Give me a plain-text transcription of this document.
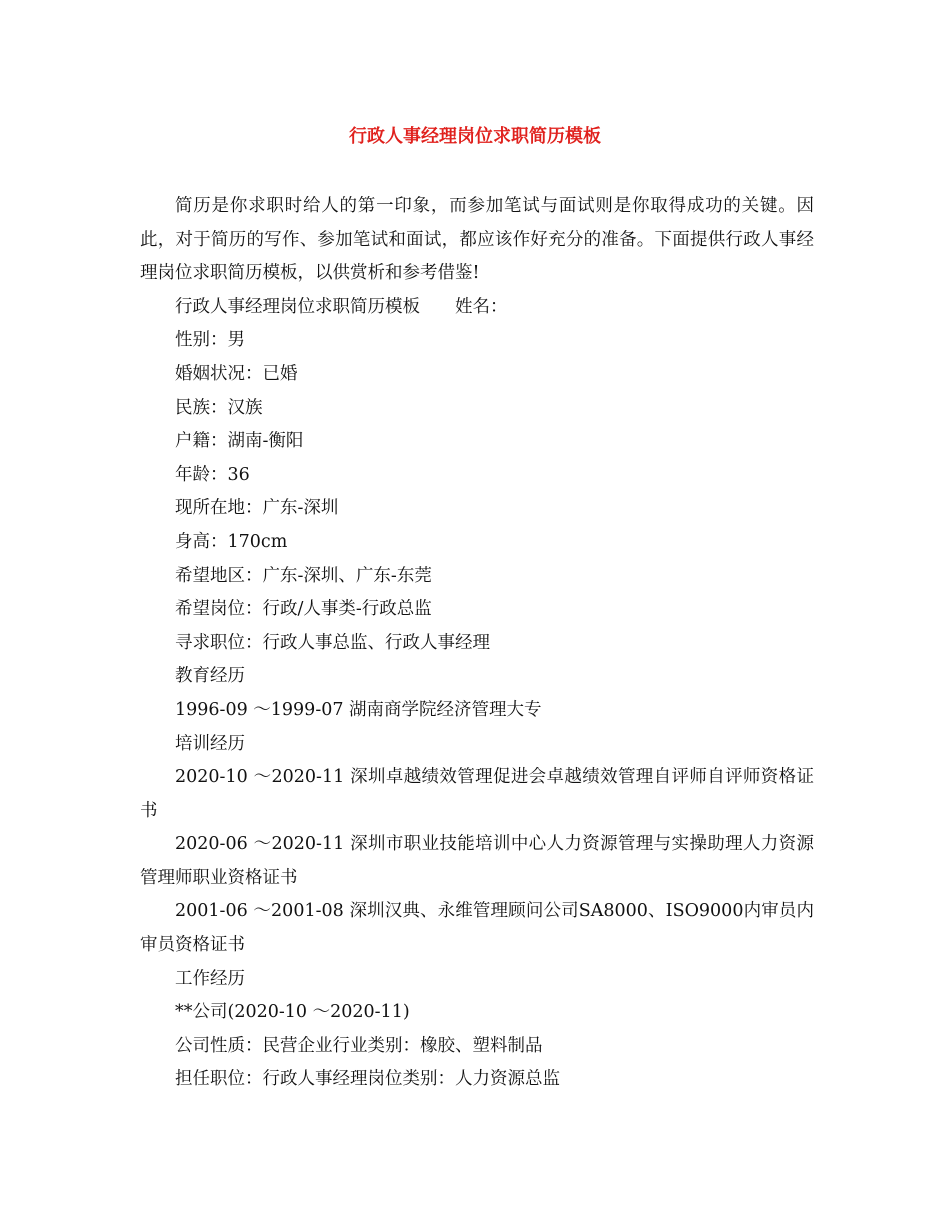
行政人事经理岗位求职简历模板

简历是你求职时给人的第一印象，而参加笔试与面试则是你取得成功的关键。因此，对于简历的写作、参加笔试和面试，都应该作好充分的准备。下面提供行政人事经理岗位求职简历模板，以供赏析和参考借鉴!

行政人事经理岗位求职简历模板　　姓名：

性别：男

婚姻状况：已婚

民族：汉族

户籍：湖南-衡阳

年龄：36

现所在地：广东-深圳

身高：170cm

希望地区：广东-深圳、广东-东莞

希望岗位：行政/人事类-行政总监

寻求职位：行政人事总监、行政人事经理

教育经历

1996-09 ～1999-07 湖南商学院经济管理大专

培训经历

2020-10 ～2020-11 深圳卓越绩效管理促进会卓越绩效管理自评师自评师资格证书

2020-06 ～2020-11 深圳市职业技能培训中心人力资源管理与实操助理人力资源管理师职业资格证书

2001-06 ～2001-08 深圳汉典、永维管理顾问公司SA8000、ISO9000内审员内审员资格证书

工作经历

**公司(2020-10 ～2020-11)

公司性质：民营企业行业类别：橡胶、塑料制品

担任职位：行政人事经理岗位类别：人力资源总监
